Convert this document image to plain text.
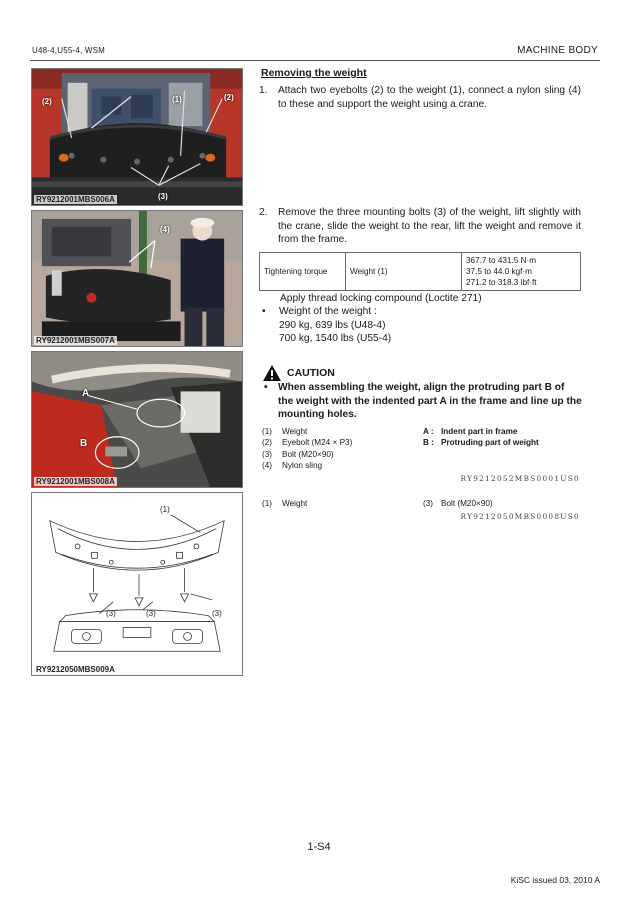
U48-4,U55-4, WSM	MACHINE BODY
(2)	(1)	(2)
(3)
RY9212001MBS006A
(4)
RY9212001MBS007A
A
B
RY9212001MBS008A
(1)
(3)	(3)	(3)
RY9212050MBS009A
Removing the weight
1.	Attach two eyebolts (2) to the weight (1), connect a nylon sling (4) to these and support the weight using a crane.
2.	Remove the three mounting bolts (3) of the weight, lift slightly with the crane, slide the weight to the rear, lift the weight and remove it from the frame.
Tightening torque	Weight (1)	
367.7 to 431.5 N·m
37.5 to 44.0 kgf·m
271.2 to 318.3 lbf·ft
Apply thread locking compound (Loctite 271)
•	Weight of the weight :
290 kg, 639 lbs (U48-4)
700 kg, 1540 lbs (U55-4)
CAUTION
•	When assembling the weight, align the protruding part B of the weight with the indented part A in the frame and line up the mounting holes.
(1)	Weight
(2)	Eyebolt (M24 × P3)
(3)	Bolt (M20×90)
(4)	Nylon sling
A : Indent part in frame
B : Protruding part of weight
RY9212052MBS0001US0
(1)	Weight	(3) Bolt (M20×90)
RY9212050MBS0008US0
1-S4
KiSC issued 03, 2010 A
